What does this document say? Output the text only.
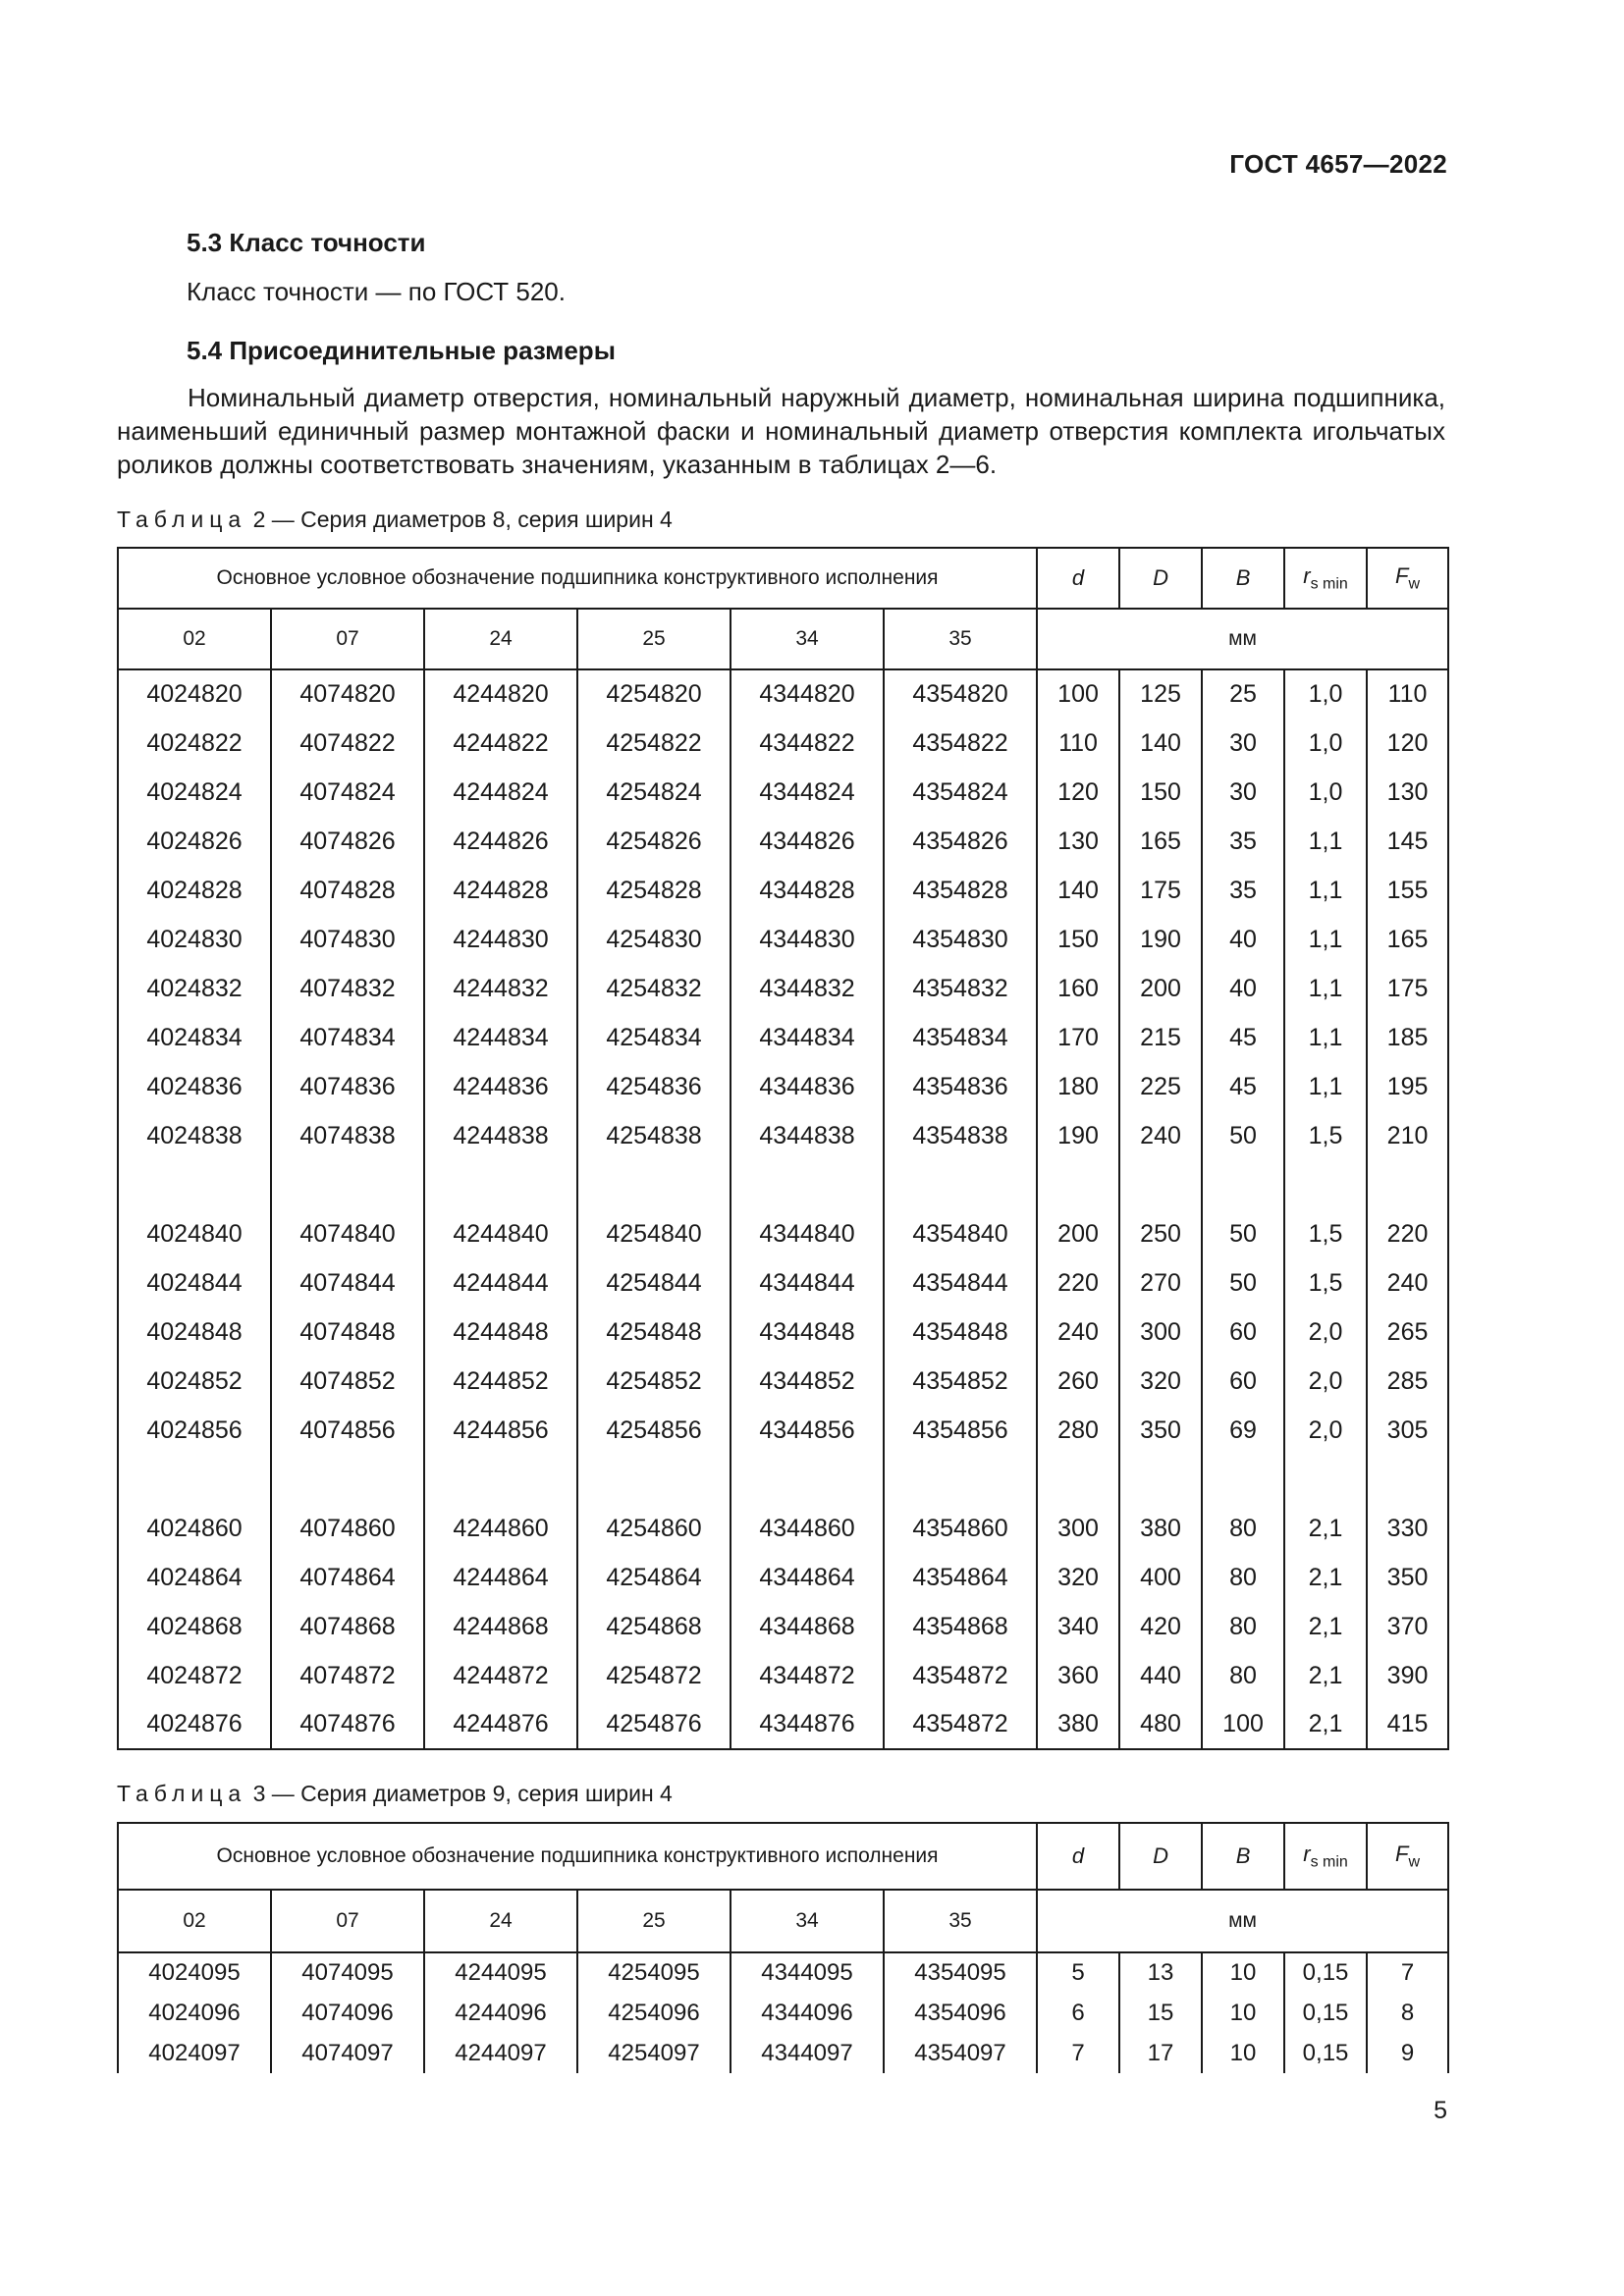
ГОСТ 4657—2022
5.3 Класс точности
Класс точности — по ГОСТ 520.
5.4 Присоединительные размеры
Номинальный диаметр отверстия, номинальный наружный диаметр, номинальная ширина подшипника, наименьший единичный размер монтажной фаски и номинальный диаметр отверстия комплекта игольчатых роликов должны соответствовать значениям, указанным в таблицах 2—6.
Таблица 2 — Серия диаметров 8, серия ширин 4
Основное условное обозначение подшипника конструктивного исполнения						d	D	B	$r_{s min}$	$F_w$
02	07	24	25	34	35	мм				
4024820	4074820	4244820	4254820	4344820	4354820	100	125	25	1,0	110
4024822	4074822	4244822	4254822	4344822	4354822	110	140	30	1,0	120
4024824	4074824	4244824	4254824	4344824	4354824	120	150	30	1,0	130
4024826	4074826	4244826	4254826	4344826	4354826	130	165	35	1,1	145
4024828	4074828	4244828	4254828	4344828	4354828	140	175	35	1,1	155
4024830	4074830	4244830	4254830	4344830	4354830	150	190	40	1,1	165
4024832	4074832	4244832	4254832	4344832	4354832	160	200	40	1,1	175
4024834	4074834	4244834	4254834	4344834	4354834	170	215	45	1,1	185
4024836	4074836	4244836	4254836	4344836	4354836	180	225	45	1,1	195
4024838	4074838	4244838	4254838	4344838	4354838	190	240	50	1,5	210

4024840	4074840	4244840	4254840	4344840	4354840	200	250	50	1,5	220
4024844	4074844	4244844	4254844	4344844	4354844	220	270	50	1,5	240
4024848	4074848	4244848	4254848	4344848	4354848	240	300	60	2,0	265
4024852	4074852	4244852	4254852	4344852	4354852	260	320	60	2,0	285
4024856	4074856	4244856	4254856	4344856	4354856	280	350	69	2,0	305

4024860	4074860	4244860	4254860	4344860	4354860	300	380	80	2,1	330
4024864	4074864	4244864	4254864	4344864	4354864	320	400	80	2,1	350
4024868	4074868	4244868	4254868	4344868	4354868	340	420	80	2,1	370
4024872	4074872	4244872	4254872	4344872	4354872	360	440	80	2,1	390
4024876	4074876	4244876	4254876	4344876	4354872	380	480	100	2,1	415
Таблица 3 — Серия диаметров 9, серия ширин 4
Основное условное обозначение подшипника конструктивного исполнения						d	D	B	$r_{s min}$	$F_w$
02	07	24	25	34	35	мм				
4024095	4074095	4244095	4254095	4344095	4354095	5	13	10	0,15	7
4024096	4074096	4244096	4254096	4344096	4354096	6	15	10	0,15	8
4024097	4074097	4244097	4254097	4344097	4354097	7	17	10	0,15	9
5
